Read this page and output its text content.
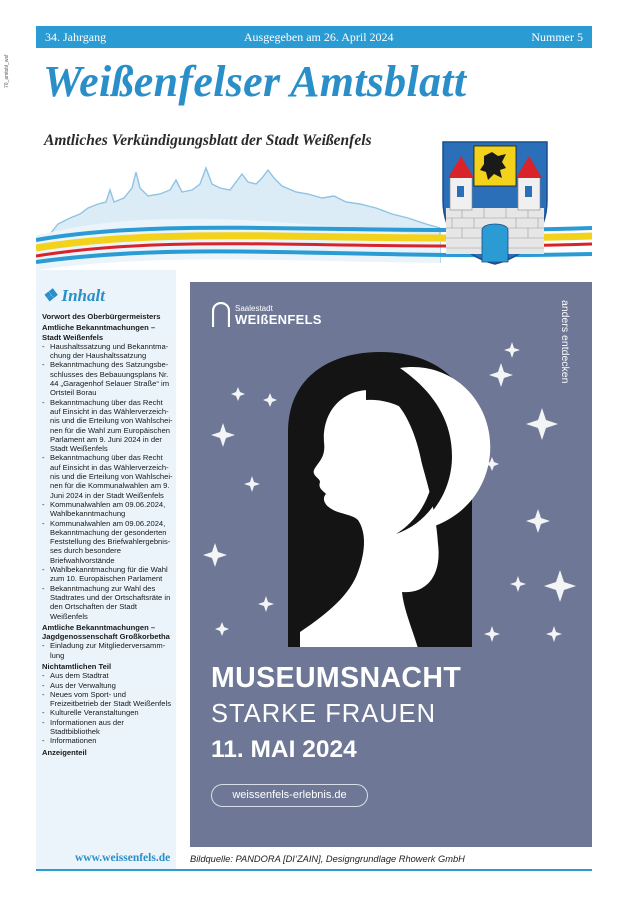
70_amtsbl_wsf
34. Jahrgang	Ausgegeben am 26. April 2024	Nummer 5
Weißenfelser Amtsblatt
Amtliches Verkündigungsblatt der Stadt Weißenfels
❖ Inhalt
Vorwort des Oberbürgermeisters
Amtliche Bekanntmachungen – Stadt Weißenfels
- Haushaltssatzung und Bekanntmachung der Haushaltssatzung
- Bekanntmachung des Satzungsbeschlusses des Bebauungsplans Nr. 44 „Garagenhof Selauer Straße“ im Ortsteil Borau
- Bekanntmachung über das Recht auf Einsicht in das Wählerverzeichnis und die Erteilung von Wahlscheinen für die Wahl zum Europäischen Parlament am 9. Juni 2024 in der Stadt Weißenfels
- Bekanntmachung über das Recht auf Einsicht in das Wählerverzeichnis und die Erteilung von Wahlscheinen für die Kommunalwahlen am 9. Juni 2024 in der Stadt Weißenfels
- Kommunalwahlen am 09.06.2024, Wahlbekanntmachung
- Kommunalwahlen am 09.06.2024, Bekanntmachung der gesonderten Feststellung des Briefwahlergebnisses durch besondere Briefwahlvorstände
- Wahlbekanntmachung für die Wahl zum 10. Europäischen Parlament
- Bekanntmachung zur Wahl des Stadtrates und der Ortschaftsräte in den Ortschaften der Stadt Weißenfels
Amtliche Bekanntmachungen – Jagdgenossenschaft Großkorbetha
- Einladung zur Mitgliederversammlung
Nichtamtlichen Teil
- Aus dem Stadtrat
- Aus der Verwaltung
- Neues vom Sport- und Freizeitbetrieb der Stadt Weißenfels
- Kulturelle Veranstaltungen
- Informationen aus der Stadtbibliothek
- Informationen
Anzeigenteil
www.weissenfels.de
Saalestadt
WEIßENFELS	anders entdecken
MUSEUMSNACHT
STARKE FRAUEN
11. MAI 2024
weissenfels-erlebnis.de
Bildquelle: PANDORA [DI‘ZAIN], Designgrundlage Rhowerk GmbH
